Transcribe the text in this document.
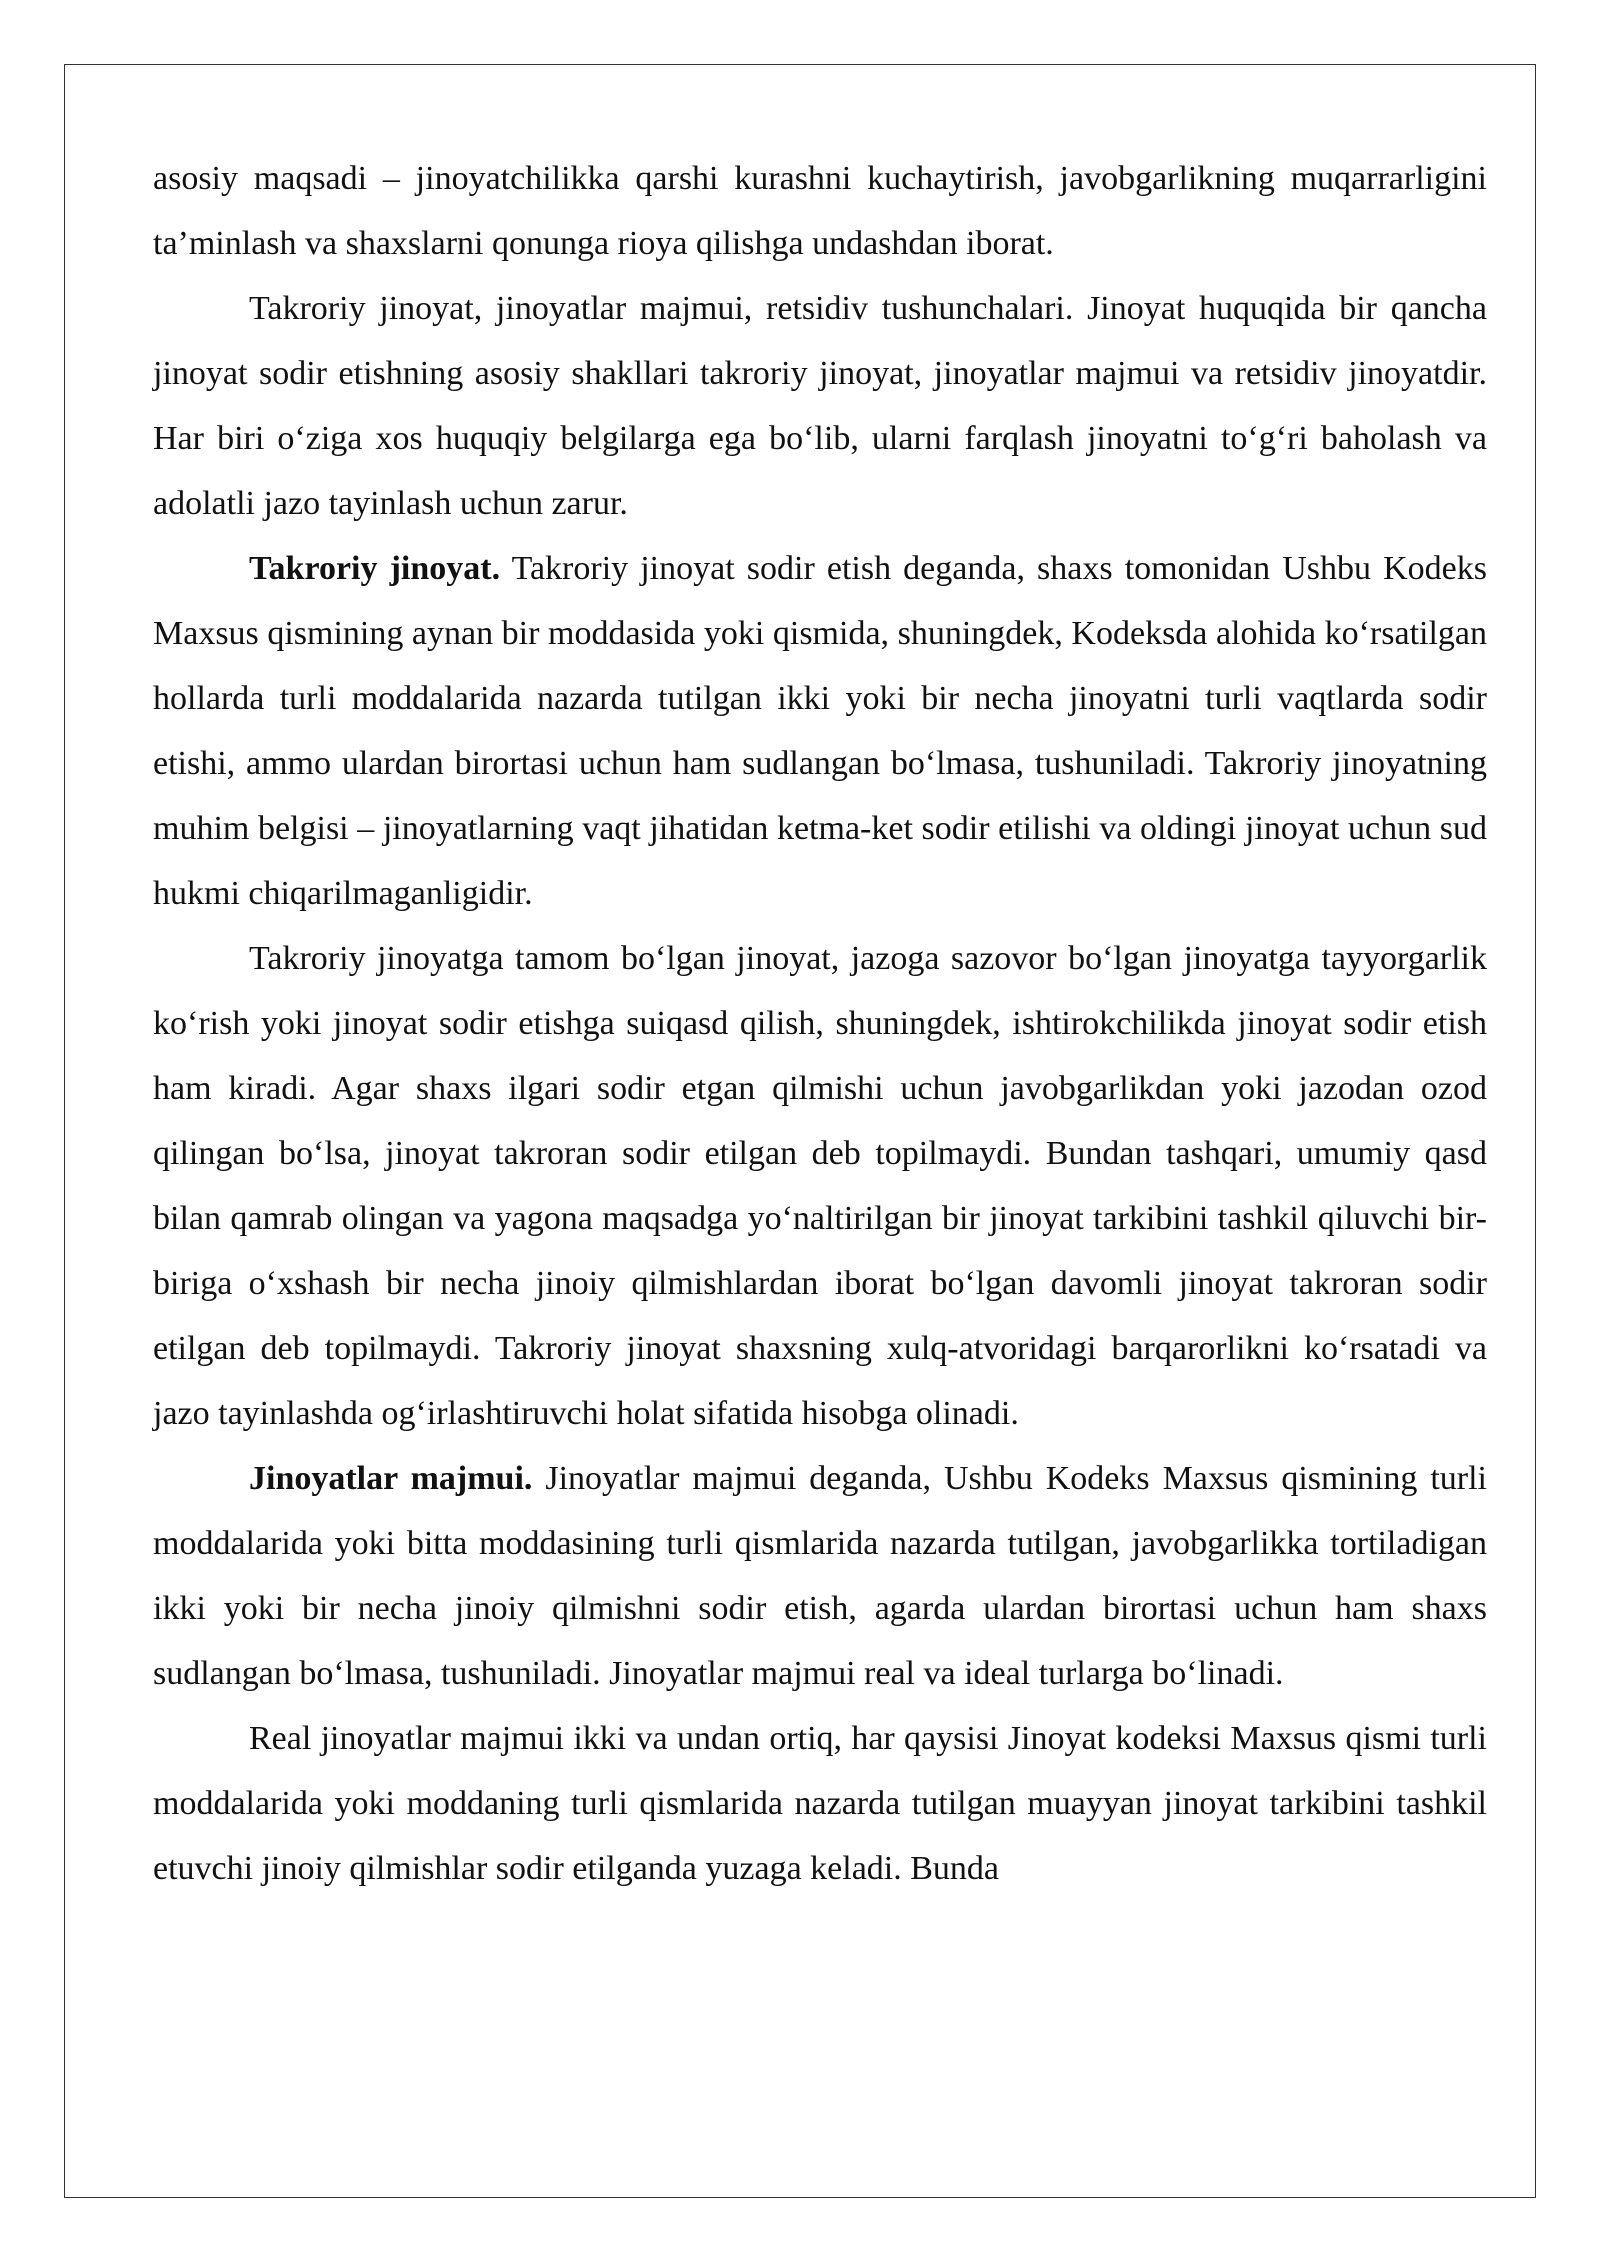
asosiy maqsadi – jinoyatchilikka qarshi kurashni kuchaytirish, javobgarlikning muqarrarligini ta’minlash va shaxslarni qonunga rioya qilishga undashdan iborat.

Takroriy jinoyat, jinoyatlar majmui, retsidiv tushunchalari. Jinoyat huquqida bir qancha jinoyat sodir etishning asosiy shakllari takroriy jinoyat, jinoyatlar majmui va retsidiv jinoyatdir. Har biri o‘ziga xos huquqiy belgilarga ega bo‘lib, ularni farqlash jinoyatni to‘g‘ri baholash va adolatli jazo tayinlash uchun zarur.

Takroriy jinoyat. Takroriy jinoyat sodir etish deganda, shaxs tomonidan Ushbu Kodeks Maxsus qismining aynan bir moddasida yoki qismida, shuningdek, Kodeksda alohida ko‘rsatilgan hollarda turli moddalarida nazarda tutilgan ikki yoki bir necha jinoyatni turli vaqtlarda sodir etishi, ammo ulardan birortasi uchun ham sudlangan bo‘lmasa, tushuniladi. Takroriy jinoyatning muhim belgisi – jinoyatlarning vaqt jihatidan ketma-ket sodir etilishi va oldingi jinoyat uchun sud hukmi chiqarilmaganligidir.

Takroriy jinoyatga tamom bo‘lgan jinoyat, jazoga sazovor bo‘lgan jinoyatga tayyorgarlik ko‘rish yoki jinoyat sodir etishga suiqasd qilish, shuningdek, ishtirokchilikda jinoyat sodir etish ham kiradi. Agar shaxs ilgari sodir etgan qilmishi uchun javobgarlikdan yoki jazodan ozod qilingan bo‘lsa, jinoyat takroran sodir etilgan deb topilmaydi. Bundan tashqari, umumiy qasd bilan qamrab olingan va yagona maqsadga yo‘naltirilgan bir jinoyat tarkibini tashkil qiluvchi bir-biriga o‘xshash bir necha jinoiy qilmishlardan iborat bo‘lgan davomli jinoyat takroran sodir etilgan deb topilmaydi. Takroriy jinoyat shaxsning xulq-atvoridagi barqarorlikni ko‘rsatadi va jazo tayinlashda og‘irlashtiruvchi holat sifatida hisobga olinadi.

Jinoyatlar majmui. Jinoyatlar majmui deganda, Ushbu Kodeks Maxsus qismining turli moddalarida yoki bitta moddasining turli qismlarida nazarda tutilgan, javobgarlikka tortiladigan ikki yoki bir necha jinoiy qilmishni sodir etish, agarda ulardan birortasi uchun ham shaxs sudlangan bo‘lmasa, tushuniladi. Jinoyatlar majmui real va ideal turlarga bo‘linadi.

Real jinoyatlar majmui ikki va undan ortiq, har qaysisi Jinoyat kodeksi Maxsus qismi turli moddalarida yoki moddaning turli qismlarida nazarda tutilgan muayyan jinoyat tarkibini tashkil etuvchi jinoiy qilmishlar sodir etilganda yuzaga keladi. Bunda
